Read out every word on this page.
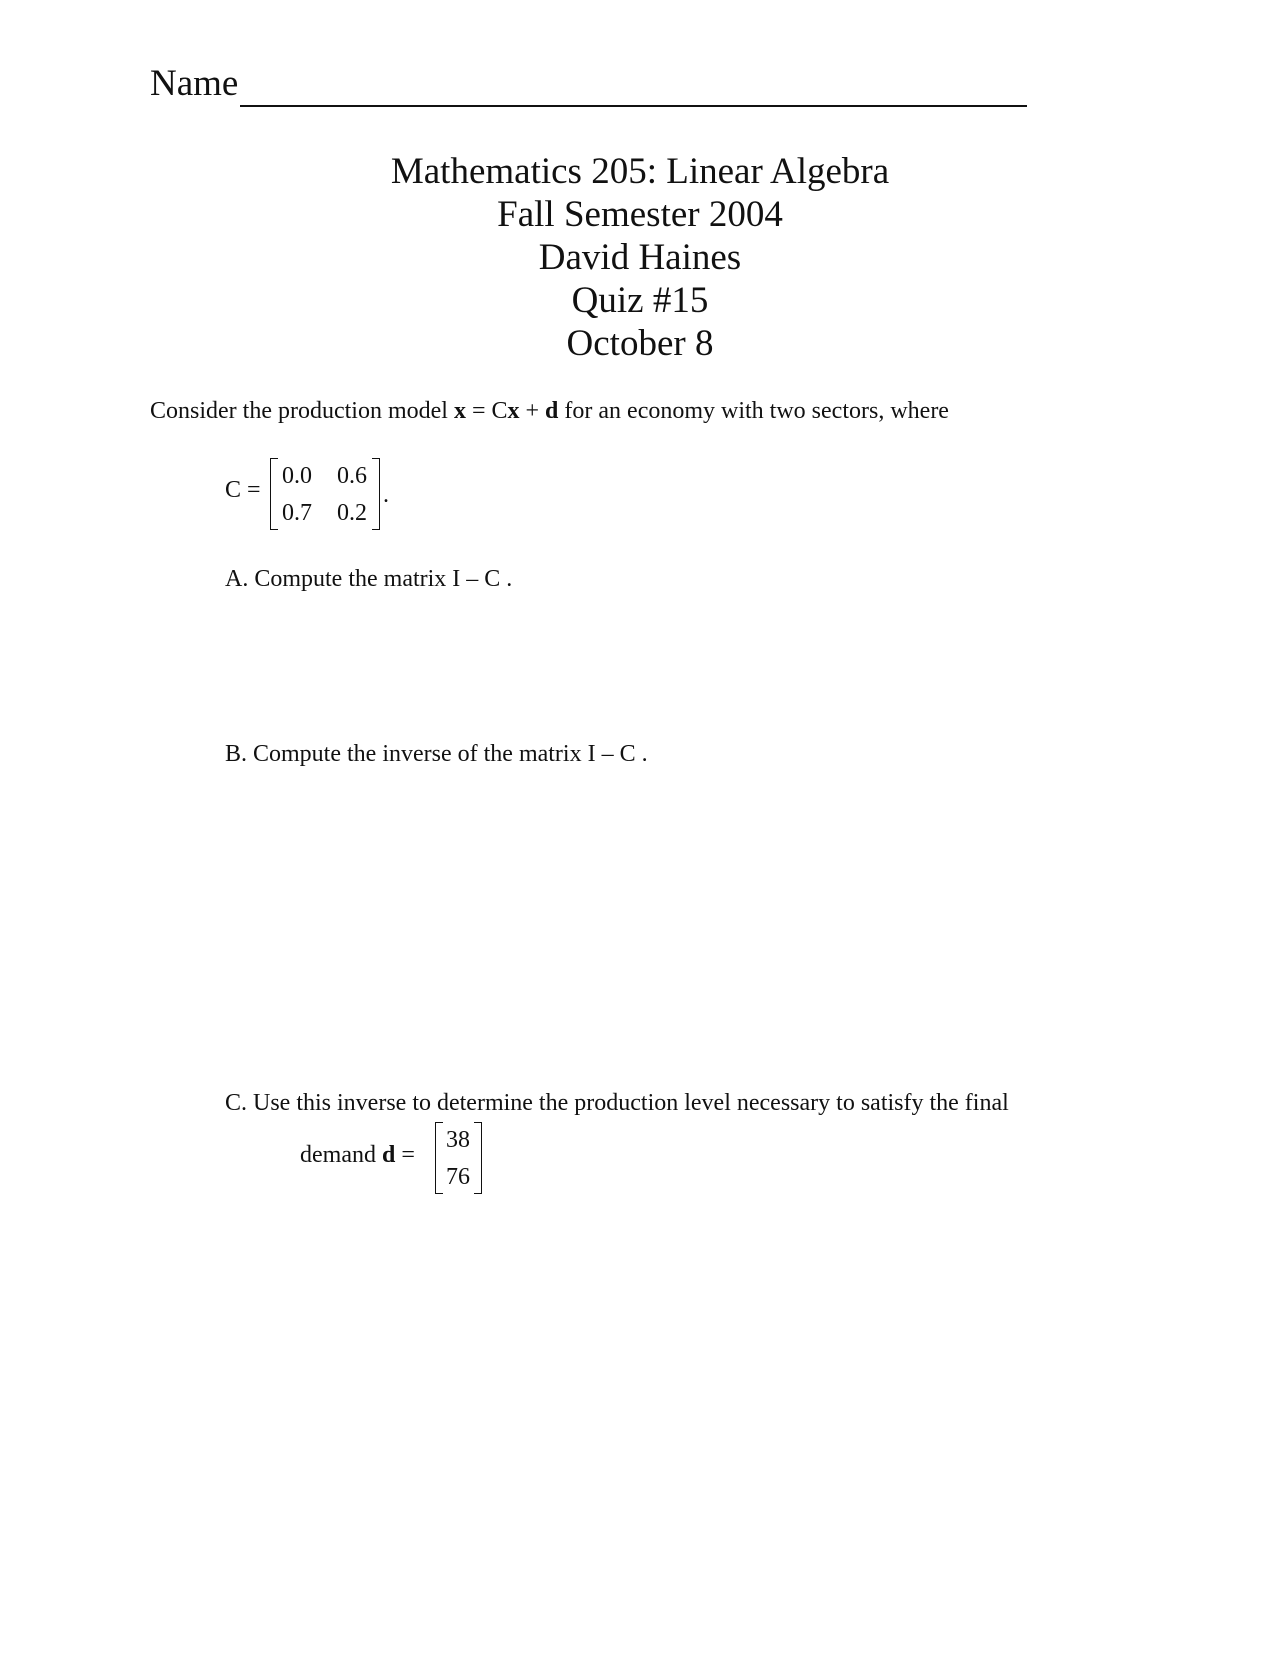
Name
Mathematics 205: Linear Algebra
Fall Semester 2004
David Haines
Quiz #15
October 8
Consider the production model x = Cx + d for an economy with two sectors, where
C =
0.0 0.6
0.7 0.2
.
A. Compute the matrix I – C .
B. Compute the inverse of the matrix I – C .
C. Use this inverse to determine the production level necessary to satisfy the final
demand d =
38
76
